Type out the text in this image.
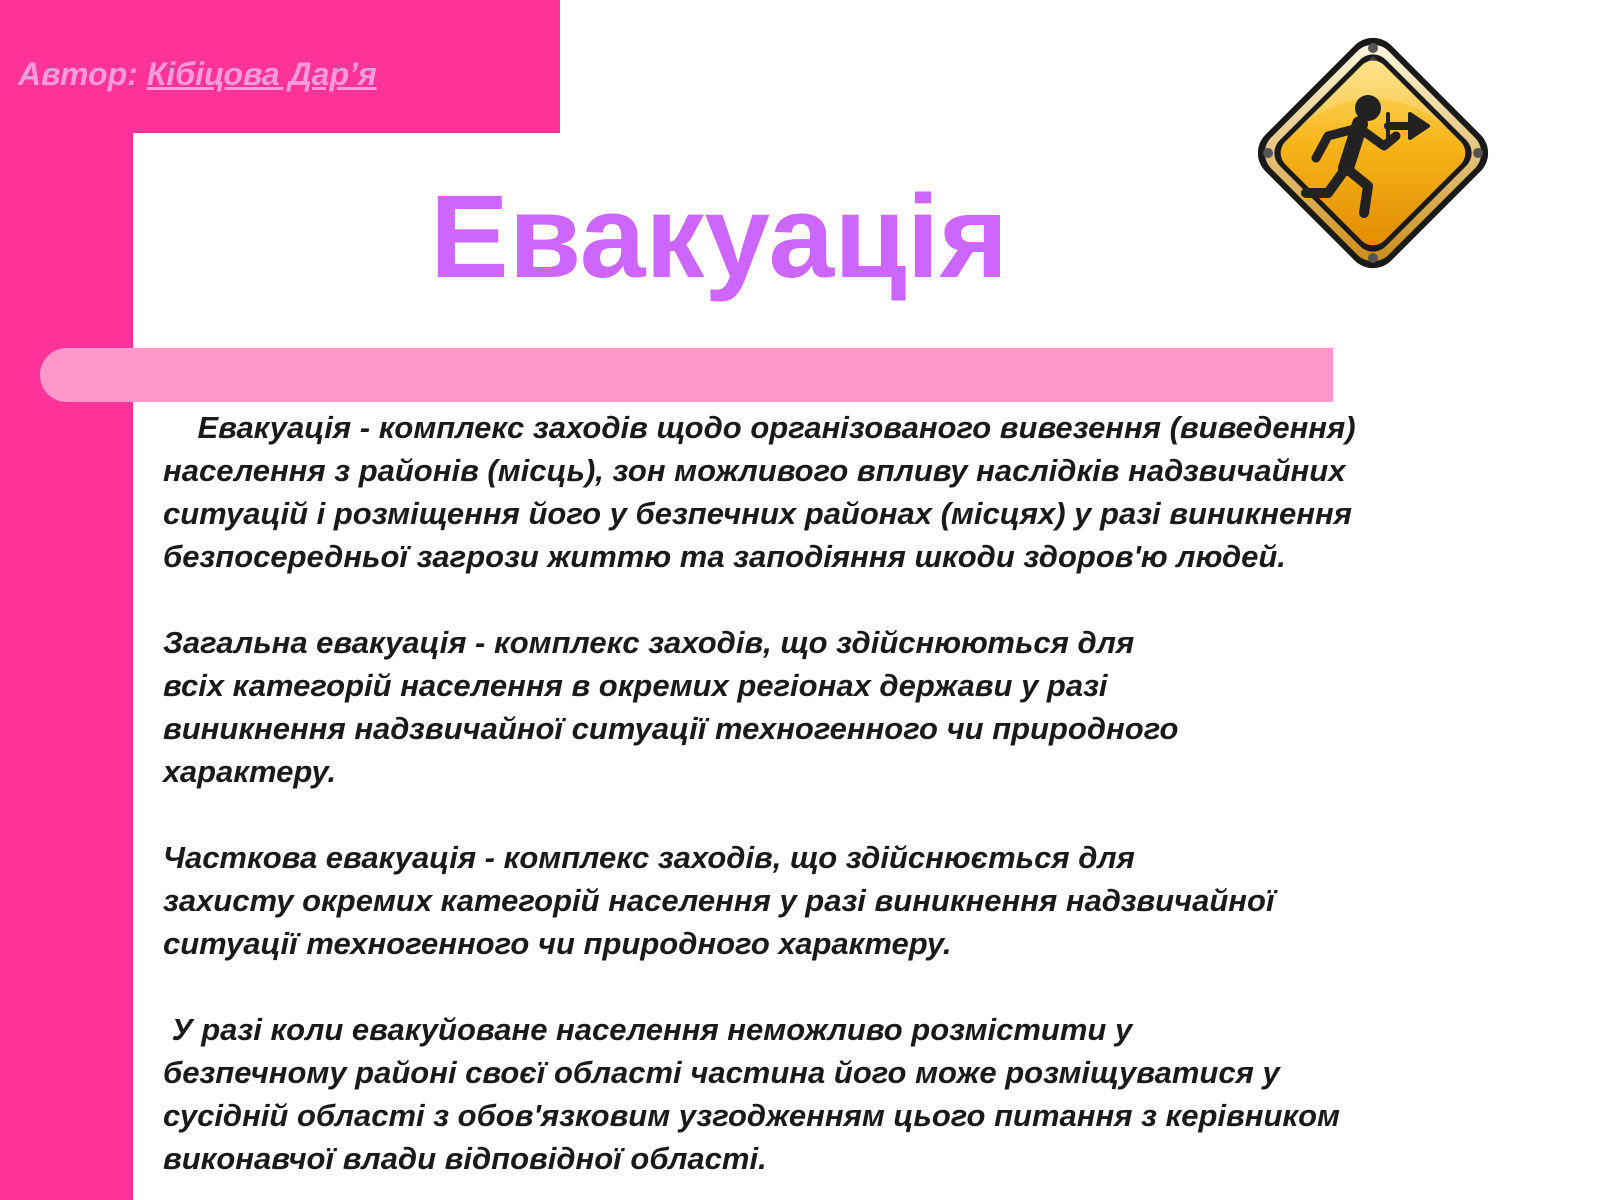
Автор: Кібіцова Дар’я
Евакуація

Евакуація - комплекс заходів щодо організованого вивезення (виведення)
населення з районів (місць), зон можливого впливу наслідків надзвичайних
ситуацій і розміщення його у безпечних районах (місцях) у разі виникнення
безпосередньої загрози життю та заподіяння шкоди здоров'ю людей.

Загальна евакуація - комплекс заходів, що здійснюються для
всіх категорій населення в окремих регіонах держави у разі
виникнення надзвичайної ситуації техногенного чи природного
характеру.

Часткова евакуація - комплекс заходів, що здійснюється для
захисту окремих категорій населення у разі виникнення надзвичайної
ситуації техногенного чи природного характеру.

У разі коли евакуйоване населення неможливо розмістити у
безпечному районі своєї області частина його може розміщуватися у
сусідній області з обов'язковим узгодженням цього питання з керівником
виконавчої влади відповідної області.
